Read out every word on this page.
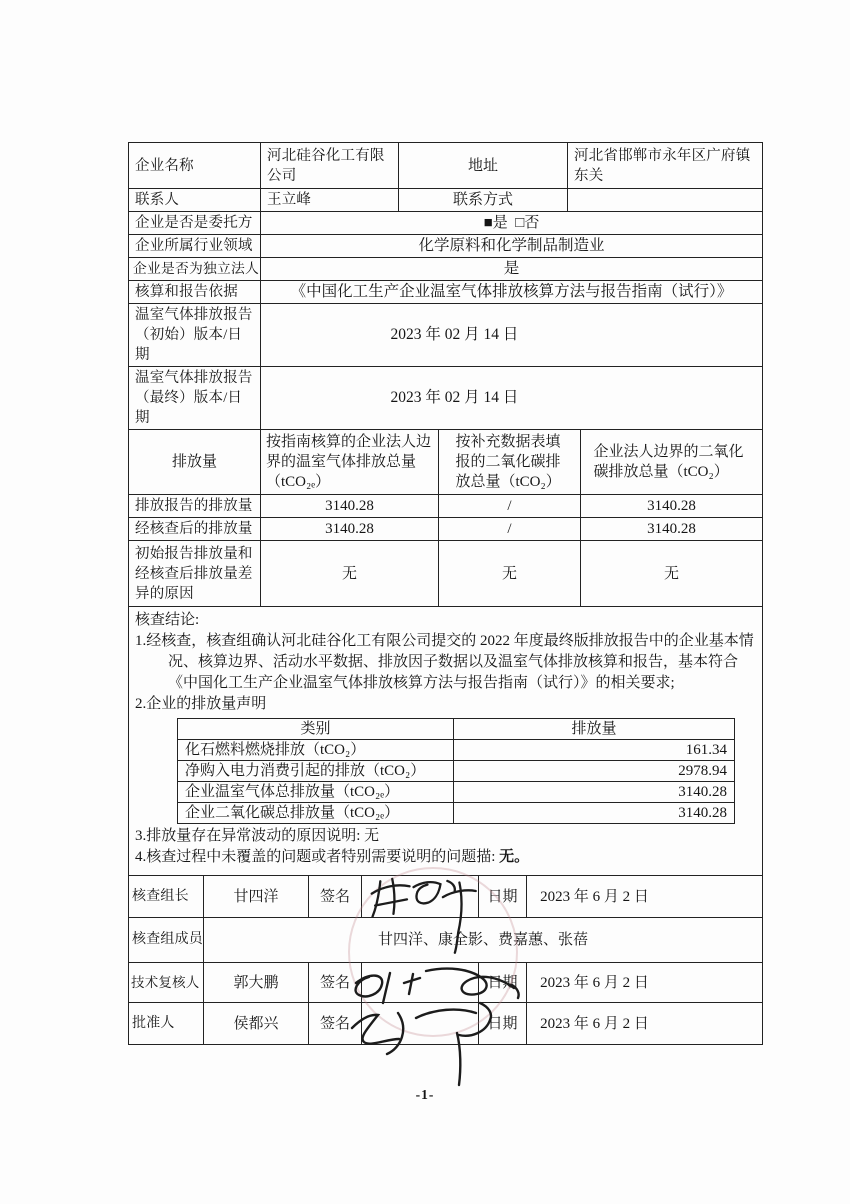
企业名称	河北硅谷化工有限公司	地址	河北省邯郸市永年区广府镇东关
联系人	王立峰	联系方式	
企业是否是委托方	■是 □否		
企业所属行业领域	化学原料和化学制品制造业		
企业是否为独立法人	是		
核算和报告依据	《中国化工生产企业温室气体排放核算方法与报告指南（试行）》		
温室气体排放报告（初始）版本/日期	2023 年 02 月 14 日		
温室气体排放报告（最终）版本/日期	2023 年 02 月 14 日		
排放量	按指南核算的企业法人边界的温室气体排放总量（tCO₂ₑ）	按补充数据表填报的二氧化碳排放总量（tCO₂）	企业法人边界的二氧化碳排放总量（tCO₂）

排放报告的排放量	3140.28	/	3140.28
经核查后的排放量	3140.28	/	3140.28
初始报告排放量和经核查后排放量差异的原因	无	无	无
核查结论:
1.经核查，核查组确认河北硅谷化工有限公司提交的 2022 年度最终版排放报告中的企业基本情况、核算边界、活动水平数据、排放因子数据以及温室气体排放核算和报告，基本符合《中国化工生产企业温室气体排放核算方法与报告指南（试行）》的相关要求;
2.企业的排放量声明
类别	排放量
化石燃料燃烧排放（tCO₂）	161.34
净购入电力消费引起的排放（tCO₂）	2978.94
企业温室气体总排放量（tCO₂ₑ）	3140.28
企业二氧化碳总排放量（tCO₂ₑ）	3140.28
3.排放量存在异常波动的原因说明: 无
4.核查过程中未覆盖的问题或者特别需要说明的问题描: 无。
核查组长	甘四洋	签名		日期	2023 年 6 月 2 日
核查组成员	甘四洋、康全影、费嘉蕙、张蓓				
技术复核人	郭大鹏	签名		日期	2023 年 6 月 2 日
批准人	侯都兴	签名		日期	2023 年 6 月 2 日
-1-
